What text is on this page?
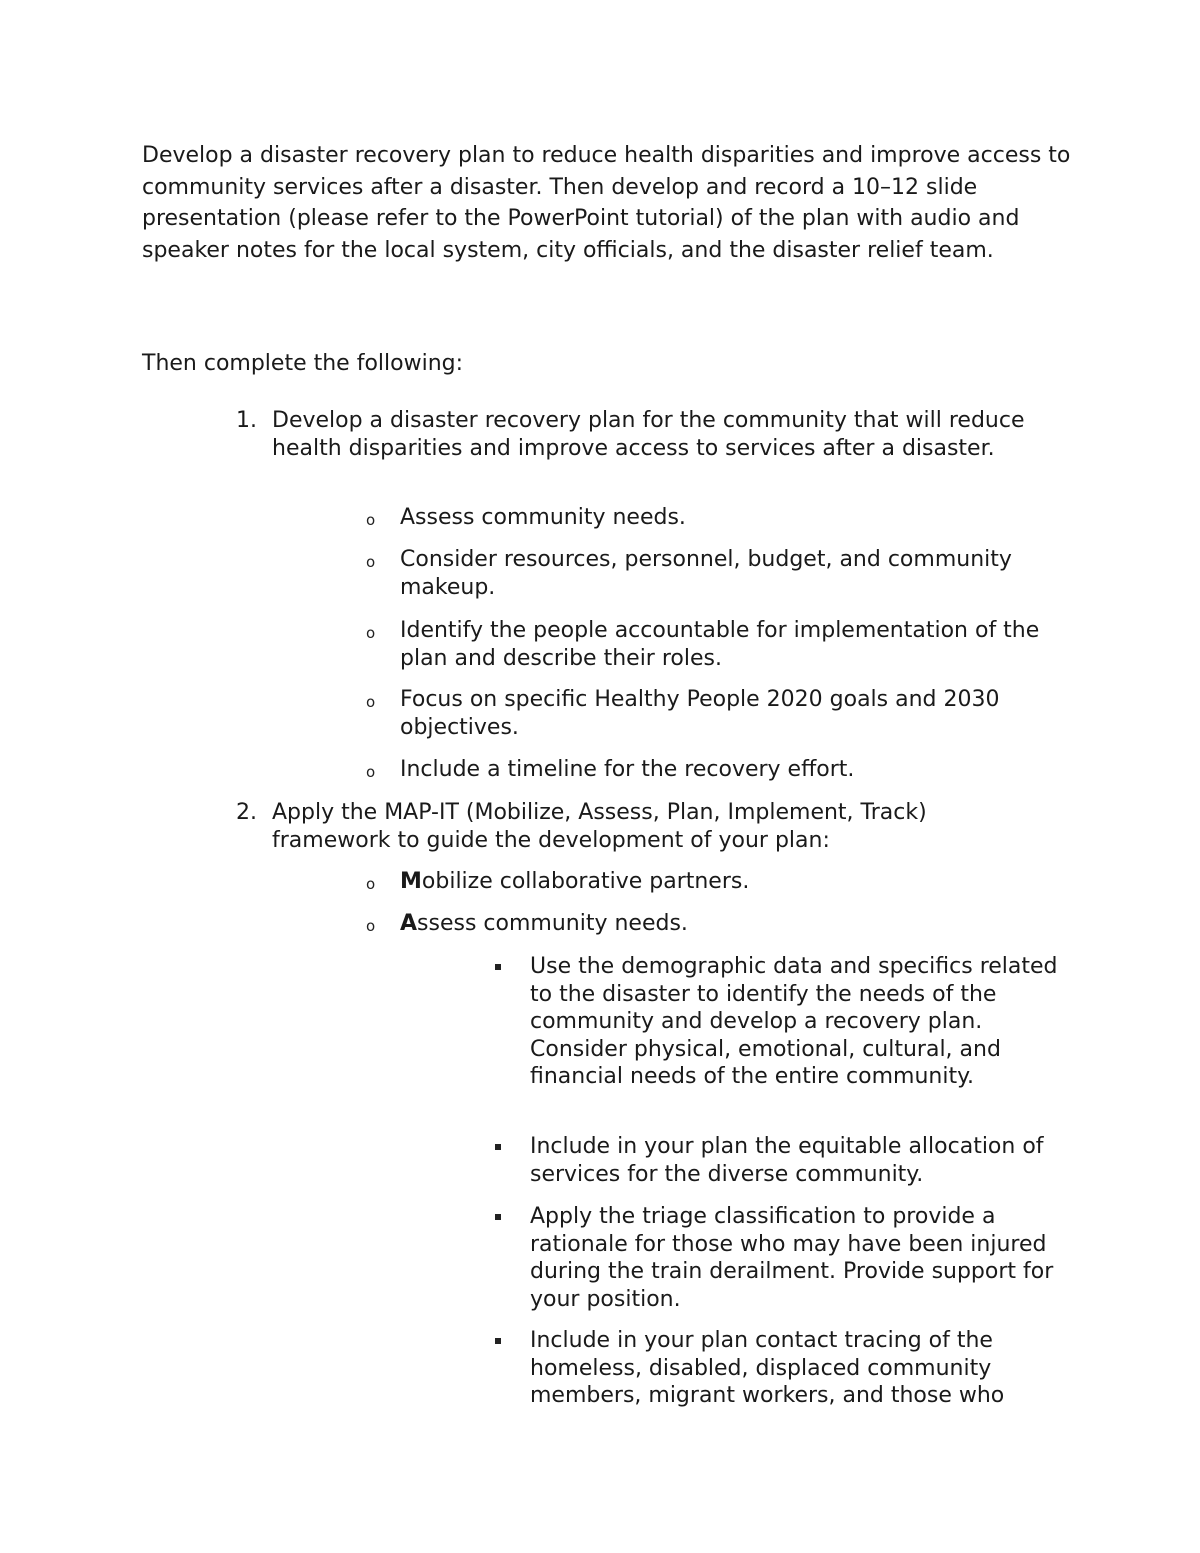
Develop a disaster recovery plan to reduce health disparities and improve access to community services after a disaster. Then develop and record a 10–12 slide presentation (please refer to the PowerPoint tutorial) of the plan with audio and speaker notes for the local system, city officials, and the disaster relief team.

Then complete the following:

1. Develop a disaster recovery plan for the community that will reduce health disparities and improve access to services after a disaster.

o Assess community needs.

o Consider resources, personnel, budget, and community makeup.

o Identify the people accountable for implementation of the plan and describe their roles.

o Focus on specific Healthy People 2020 goals and 2030 objectives.

o Include a timeline for the recovery effort.

2. Apply the MAP-IT (Mobilize, Assess, Plan, Implement, Track) framework to guide the development of your plan:

o Mobilize collaborative partners.

o Assess community needs.

Use the demographic data and specifics related to the disaster to identify the needs of the community and develop a recovery plan. Consider physical, emotional, cultural, and financial needs of the entire community.

Include in your plan the equitable allocation of services for the diverse community.

Apply the triage classification to provide a rationale for those who may have been injured during the train derailment. Provide support for your position.

Include in your plan contact tracing of the homeless, disabled, displaced community members, migrant workers, and those who
